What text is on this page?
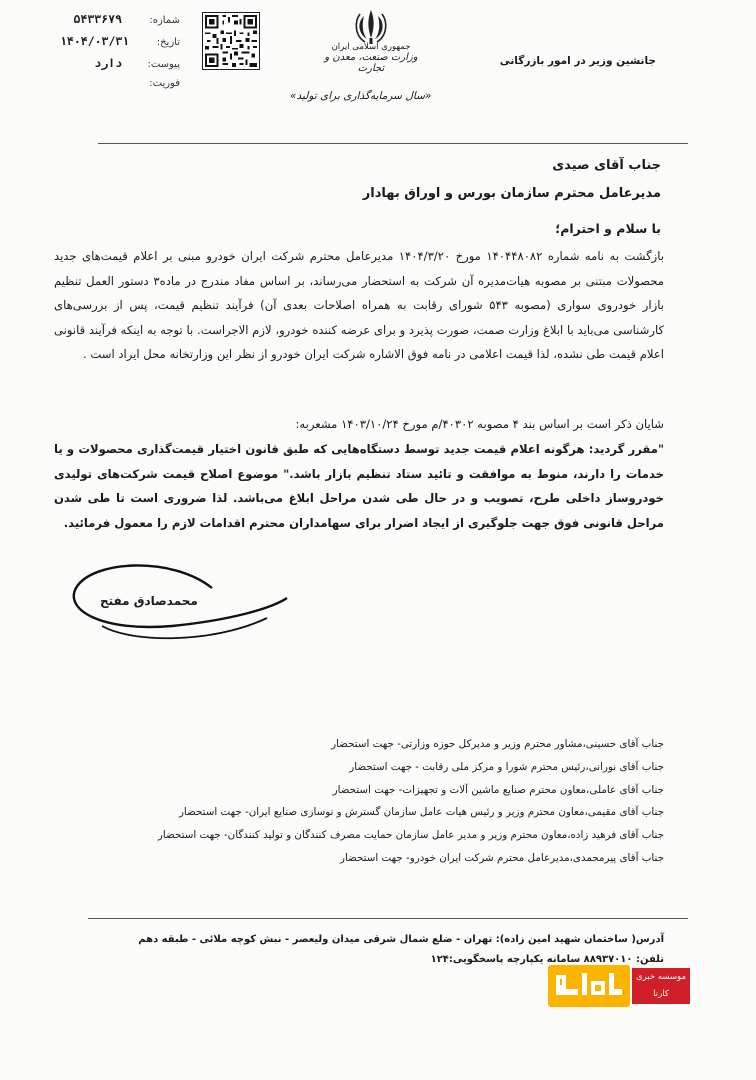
شماره:
۵۴۳۳۶۷۹
تاریخ:
۱۴۰۴/۰۳/۳۱
پیوست:
دارد
فوریت:
جمهوری اسلامی ایران
وزارت صنعت، معدن و تجارت
«سال سرمایه‌گذاری برای تولید»
جانشین وزیر در امور بازرگانی
جناب آقای صیدی
مدیرعامل محترم سازمان بورس و اوراق بهادار
با سلام و احترام؛
بازگشت به نامه شماره ۱۴۰۴۴۸۰۸۲ مورخ ۱۴۰۴/۳/۲۰ مدیرعامل محترم شرکت ایران خودرو مبنی بر اعلام قیمت‌های جدید محصولات مبتنی بر مصوبه هیات‌مدیره آن شرکت به استحضار می‌رساند، بر اساس مفاد مندرج در ماده۳ دستور العمل تنظیم بازار خودروی سواری (مصوبه ۵۴۳ شورای رقابت به همراه اصلاحات بعدی آن) فرآیند تنظیم قیمت، پس از بررسی‌های کارشناسی می‌باید با ابلاغ وزارت صمت، صورت پذیرد و برای عرضه کننده خودرو، لازم الاجراست. با توجه به اینکه فرآیند قانونی اعلام قیمت طی نشده، لذا قیمت اعلامی در نامه فوق الاشاره شرکت ایران خودرو از نظر این وزارتخانه محل ایراد است .
شایان ذکر است بر اساس بند ۴ مصوبه ۴۰۳۰۲/م مورخ ۱۴۰۳/۱۰/۲۴ مشعربه:
"مقرر گردید: هرگونه اعلام قیمت جدید توسط دستگاه‌هایی که طبق قانون اختیار قیمت‌گذاری محصولات و یا خدمات را دارند، منوط به موافقت و تائید ستاد تنظیم بازار باشد." موضوع اصلاح قیمت شرکت‌های تولیدی خودروساز داخلی طرح، تصویب و در حال طی شدن مراحل ابلاغ می‌باشد. لذا ضروری است تا طی شدن مراحل قانونی فوق جهت جلوگیری از ایجاد اضرار برای سهامداران محترم اقدامات لازم را معمول فرمائید.
محمدصادق مفتح
جناب آقای حسینی،مشاور محترم وزیر و مدیرکل حوزه وزارتی- جهت استحضار
جناب آقای نورانی،رئیس محترم شورا و مرکز ملی رقابت - جهت استحضار
جناب آقای عاملی،معاون محترم صنایع ماشین آلات و تجهیزات- جهت استحضار
جناب آقای مقیمی،معاون محترم وزیر و رئیس هیات عامل سازمان گسترش و نوسازی صنایع ایران- جهت استحضار
جناب آقای فرهید زاده،معاون محترم وزیر و مدیر عامل سازمان حمایت مصرف کنندگان و تولید کنندگان- جهت استحضار
جناب آقای پیرمحمدی،مدیرعامل محترم شرکت ایران خودرو- جهت استحضار
آدرس( ساختمان شهید امین زاده): تهران - ضلع شمال شرقی میدان ولیعصر - نبش کوچه ملائی - طبقه دهم
تلفن: ۸۸۹۳۷۰۱۰ سامانه یکپارچه پاسخگویی:۱۲۴
موسسه خبری
کارنا
